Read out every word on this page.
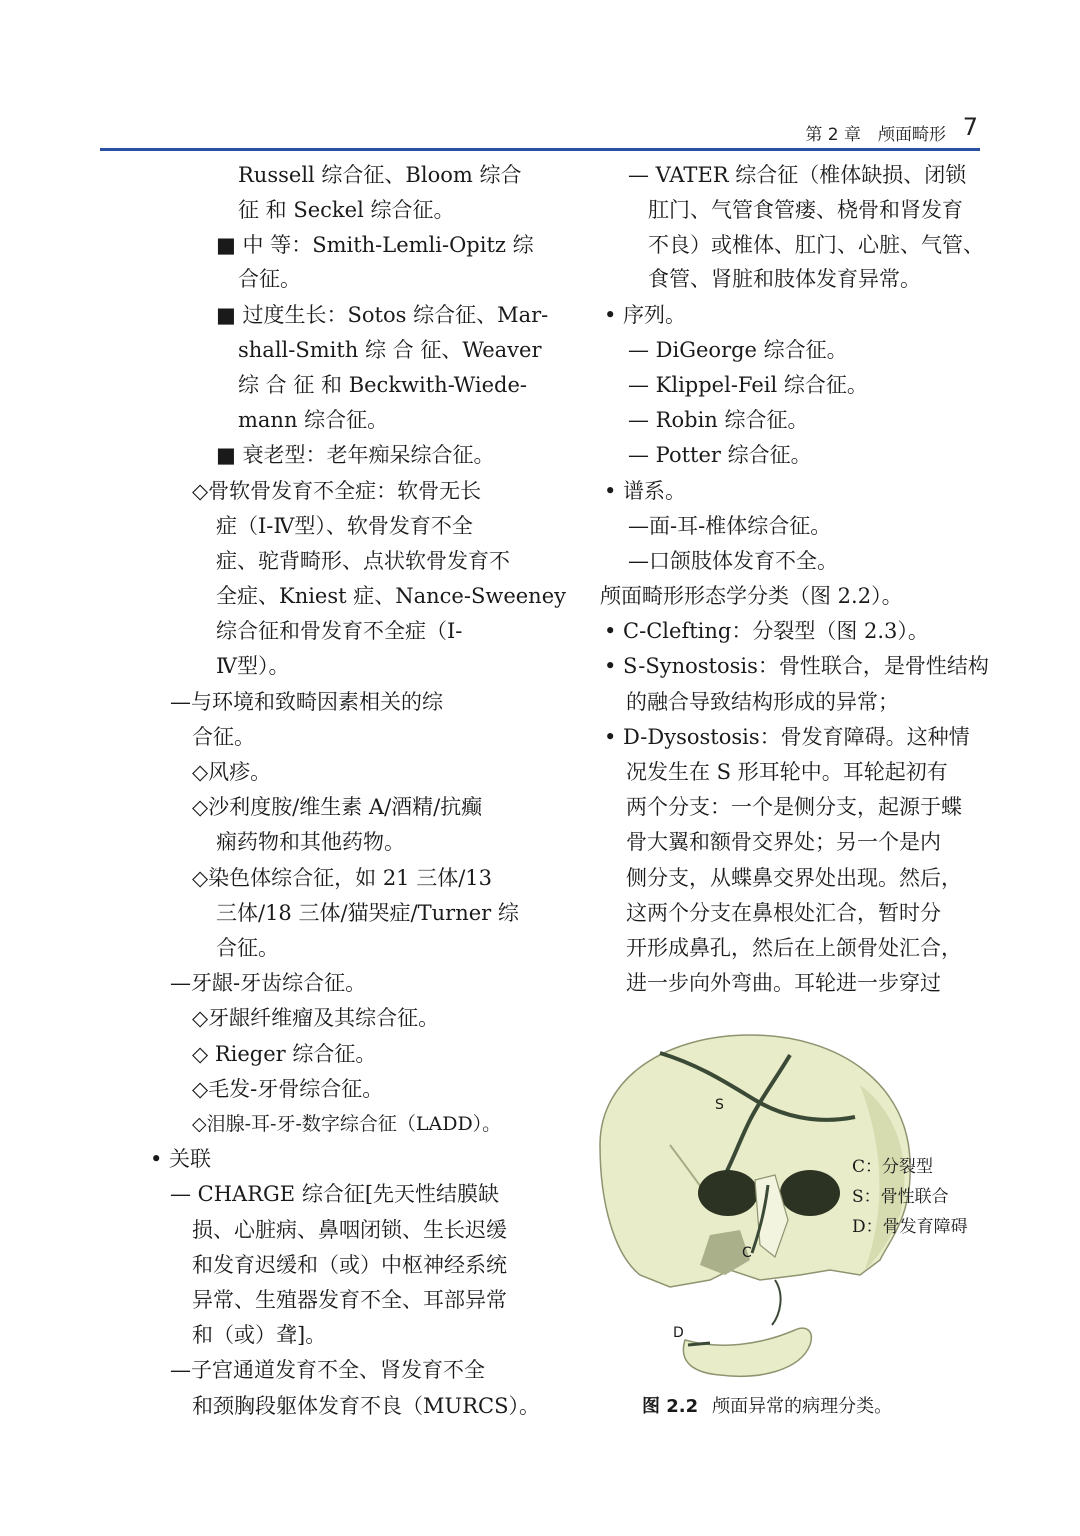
第 2 章　颅面畸形 7
Russell 综合征、Bloom 综合
征 和 Seckel 综合征。
■ 中 等：Smith-Lemli-Opitz 综
合征。
■ 过度生长：Sotos 综合征、Mar-
shall-Smith 综 合 征、Weaver
综 合 征 和 Beckwith-Wiede-
mann 综合征。
■ 衰老型：老年痴呆综合征。
◇骨软骨发育不全症：软骨无长
症（Ⅰ-Ⅳ型）、软骨发育不全
症、驼背畸形、点状软骨发育不
全症、Kniest 症、Nance-Sweeney
综合征和骨发育不全症（Ⅰ-
Ⅳ型）。
—与环境和致畸因素相关的综
合征。
◇风疹。
◇沙利度胺/维生素 A/酒精/抗癫
痫药物和其他药物。
◇染色体综合征，如 21 三体/13
三体/18 三体/猫哭症/Turner 综
合征。
—牙龈-牙齿综合征。
◇牙龈纤维瘤及其综合征。
◇ Rieger 综合征。
◇毛发-牙骨综合征。
◇泪腺-耳-牙-数字综合征（LADD）。
• 关联
— CHARGE 综合征[先天性结膜缺
损、心脏病、鼻咽闭锁、生长迟缓
和发育迟缓和（或）中枢神经系统
异常、生殖器发育不全、耳部异常
和（或）聋]。
—子宫通道发育不全、肾发育不全
和颈胸段躯体发育不良（MURCS）。
— VATER 综合征（椎体缺损、闭锁
肛门、气管食管瘘、桡骨和肾发育
不良）或椎体、肛门、心脏、气管、
食管、肾脏和肢体发育异常。
• 序列。
— DiGeorge 综合征。
— Klippel-Feil 综合征。
— Robin 综合征。
— Potter 综合征。
• 谱系。
—面-耳-椎体综合征。
—口颌肢体发育不全。
颅面畸形形态学分类（图 2.2）。
• C-Clefting：分裂型（图 2.3）。
• S-Synostosis：骨性联合，是骨性结构
的融合导致结构形成的异常；
• D-Dysostosis：骨发育障碍。这种情
况发生在 S 形耳轮中。耳轮起初有
两个分支：一个是侧分支，起源于蝶
骨大翼和额骨交界处；另一个是内
侧分支，从蝶鼻交界处出现。然后，
这两个分支在鼻根处汇合，暂时分
开形成鼻孔，然后在上颌骨处汇合，
进一步向外弯曲。耳轮进一步穿过
S
C
D
C：分裂型
S：骨性联合
D：骨发育障碍
图 2.2 颅面异常的病理分类。
